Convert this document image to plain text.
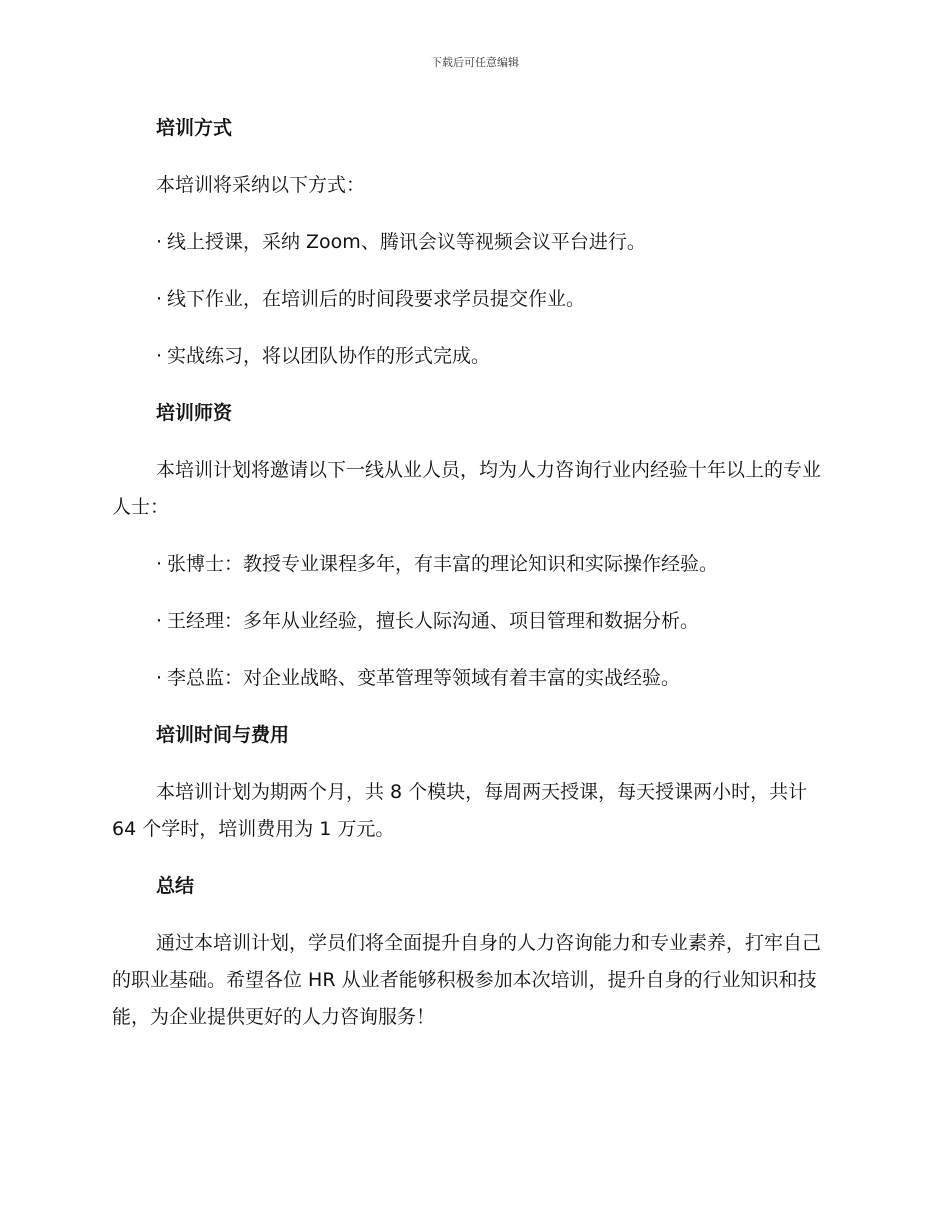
下载后可任意编辑
培训方式
本培训将采纳以下方式：
· 线上授课，采纳 Zoom、腾讯会议等视频会议平台进行。
· 线下作业，在培训后的时间段要求学员提交作业。
· 实战练习，将以团队协作的形式完成。
培训师资
本培训计划将邀请以下一线从业人员，均为人力咨询行业内经验十年以上的专业人士：
· 张博士：教授专业课程多年，有丰富的理论知识和实际操作经验。
· 王经理：多年从业经验，擅长人际沟通、项目管理和数据分析。
· 李总监：对企业战略、变革管理等领域有着丰富的实战经验。
培训时间与费用
本培训计划为期两个月，共 8 个模块，每周两天授课，每天授课两小时，共计 64 个学时，培训费用为 1 万元。
总结
通过本培训计划，学员们将全面提升自身的人力咨询能力和专业素养，打牢自己的职业基础。希望各位 HR 从业者能够积极参加本次培训，提升自身的行业知识和技能，为企业提供更好的人力咨询服务！
